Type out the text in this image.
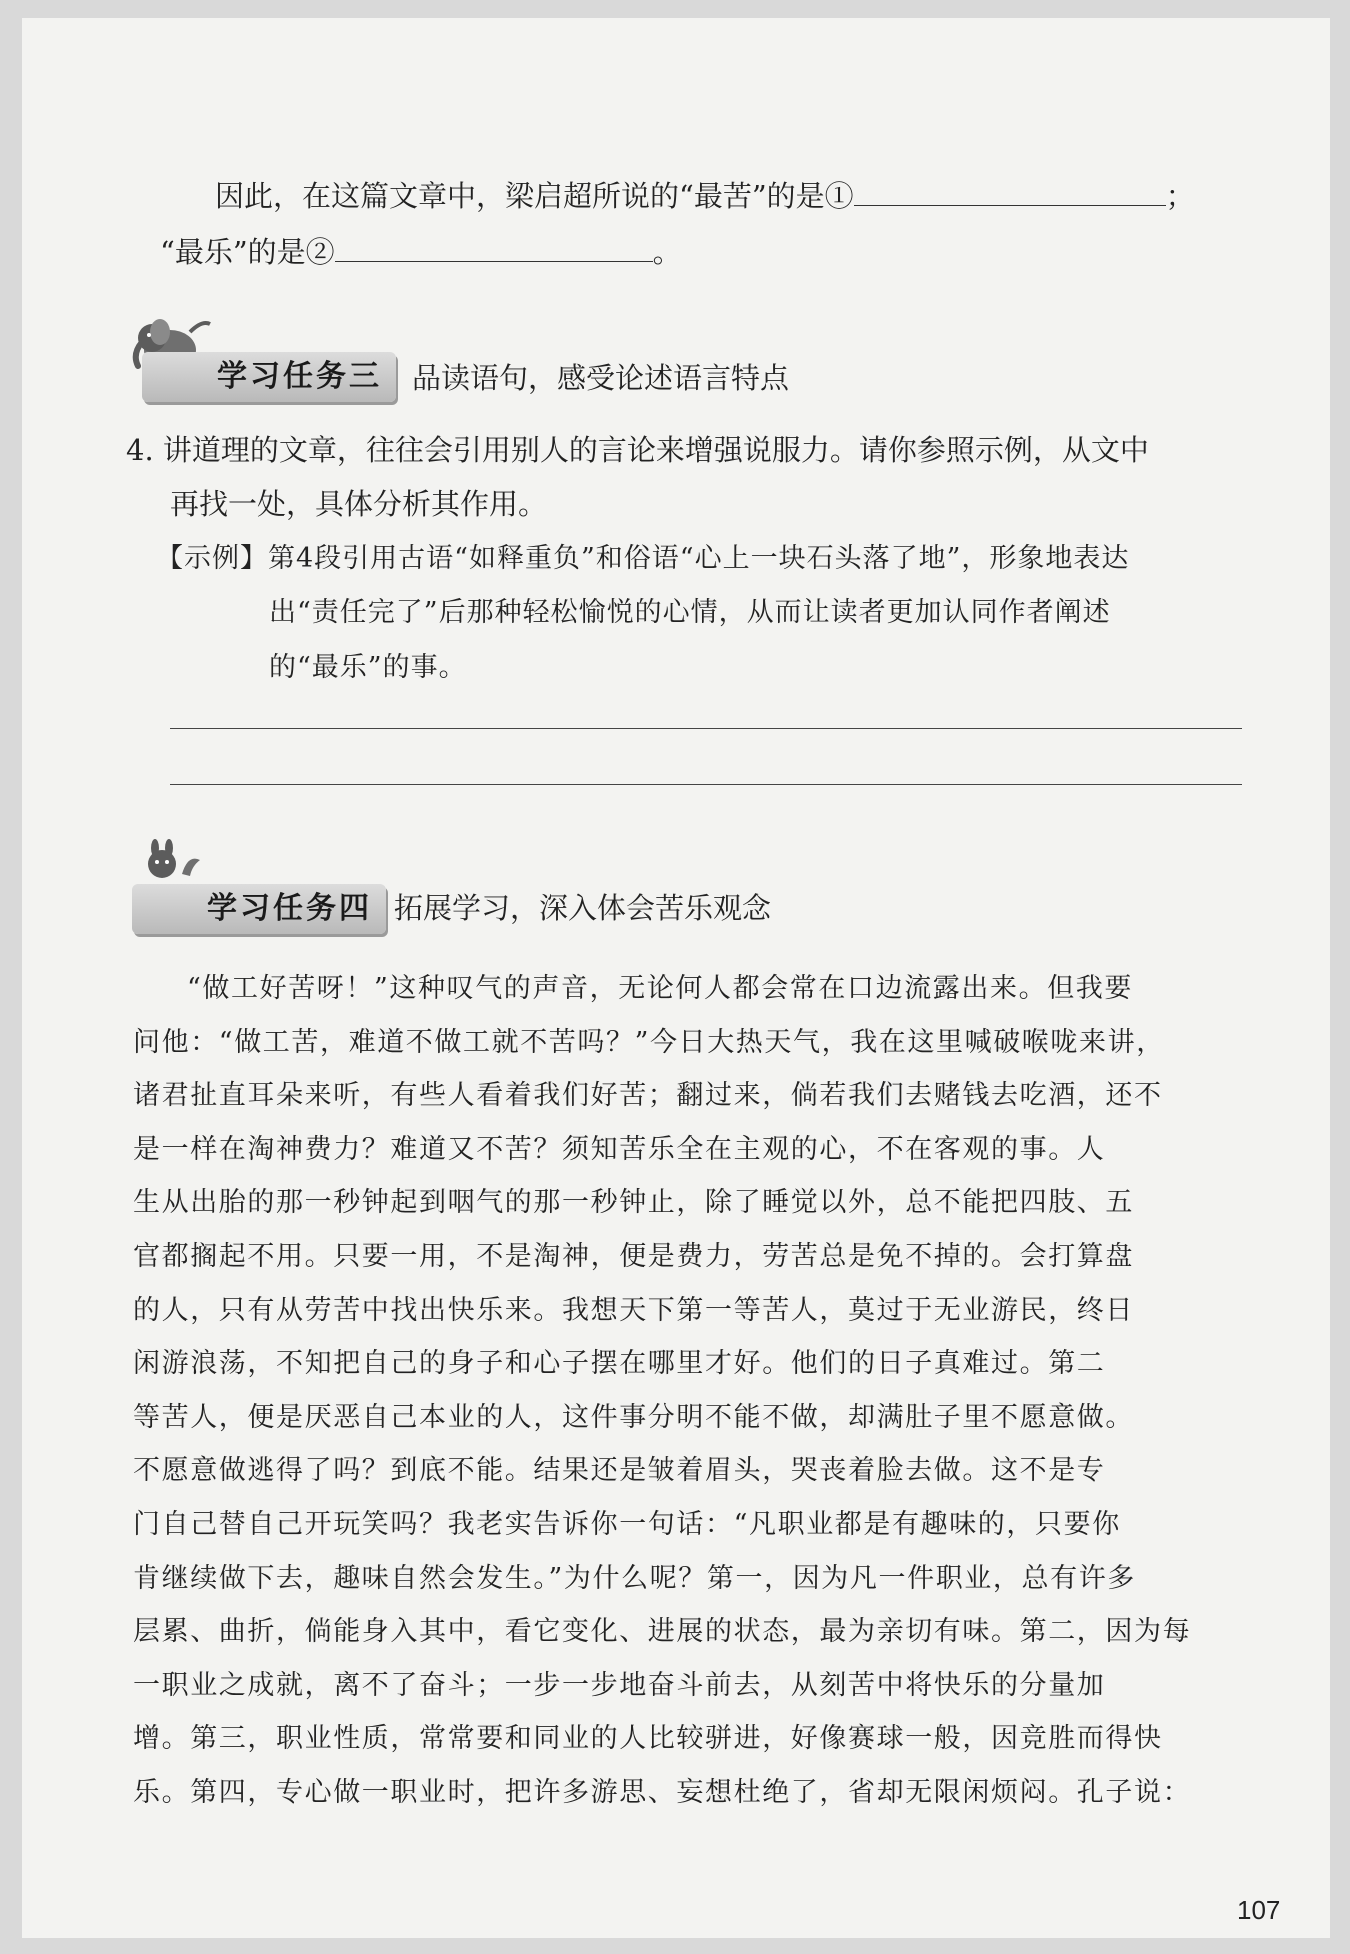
因此，在这篇文章中，梁启超所说的“最苦”的是①	；
“最乐”的是②	。
学习任务三	品读语句，感受论述语言特点
4. 讲道理的文章，往往会引用别人的言论来增强说服力。请你参照示例，从文中
再找一处，具体分析其作用。
【示例】第4段引用古语“如释重负”和俗语“心上一块石头落了地”，形象地表达
出“责任完了”后那种轻松愉悦的心情，从而让读者更加认同作者阐述
的“最乐”的事。
学习任务四 拓展学习，深入体会苦乐观念
“做工好苦呀！”这种叹气的声音，无论何人都会常在口边流露出来。但我要
问他：“做工苦，难道不做工就不苦吗？”今日大热天气，我在这里喊破喉咙来讲，
诸君扯直耳朵来听，有些人看着我们好苦；翻过来，倘若我们去赌钱去吃酒，还不
是一样在淘神费力？难道又不苦？须知苦乐全在主观的心，不在客观的事。人
生从出胎的那一秒钟起到咽气的那一秒钟止，除了睡觉以外，总不能把四肢、五
官都搁起不用。只要一用，不是淘神，便是费力，劳苦总是免不掉的。会打算盘
的人，只有从劳苦中找出快乐来。我想天下第一等苦人，莫过于无业游民，终日
闲游浪荡，不知把自己的身子和心子摆在哪里才好。他们的日子真难过。第二
等苦人，便是厌恶自己本业的人，这件事分明不能不做，却满肚子里不愿意做。
不愿意做逃得了吗？到底不能。结果还是皱着眉头，哭丧着脸去做。这不是专
门自己替自己开玩笑吗？我老实告诉你一句话：“凡职业都是有趣味的，只要你
肯继续做下去，趣味自然会发生。”为什么呢？第一，因为凡一件职业，总有许多
层累、曲折，倘能身入其中，看它变化、进展的状态，最为亲切有味。第二，因为每
一职业之成就，离不了奋斗；一步一步地奋斗前去，从刻苦中将快乐的分量加
增。第三，职业性质，常常要和同业的人比较骈进，好像赛球一般，因竞胜而得快
乐。第四，专心做一职业时，把许多游思、妄想杜绝了，省却无限闲烦闷。孔子说：
107
